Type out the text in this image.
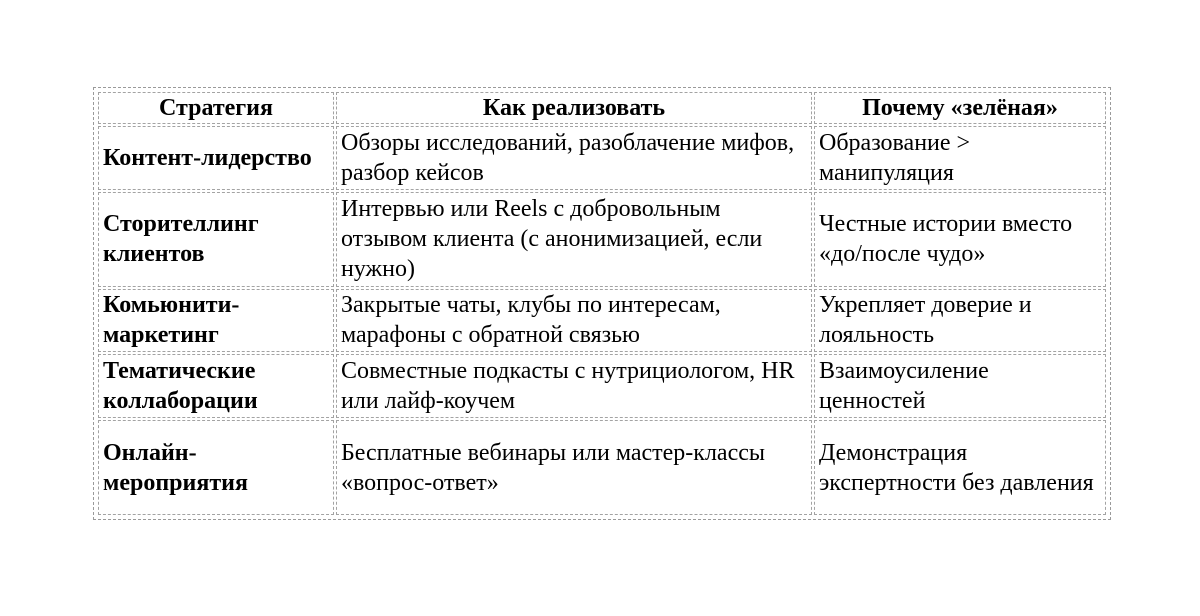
Стратегия	Как реализовать	Почему «зелёная»
Контент-лидерство	Обзоры исследований, разоблачение мифов, разбор кейсов	Образование > манипуляция
Сторителлинг клиентов	Интервью или Reels с добровольным отзывом клиента (с анонимизацией, если нужно)	Честные истории вместо «до/после чудо»
Комьюнити-маркетинг	Закрытые чаты, клубы по интересам, марафоны с обратной связью	Укрепляет доверие и лояльность
Тематические коллаборации	Совместные подкасты с нутрициологом, HR или лайф-коучем	Взаимоусиление ценностей
Онлайн-мероприятия	Бесплатные вебинары или мастер-классы «вопрос-ответ»	Демонстрация экспертности без давления
